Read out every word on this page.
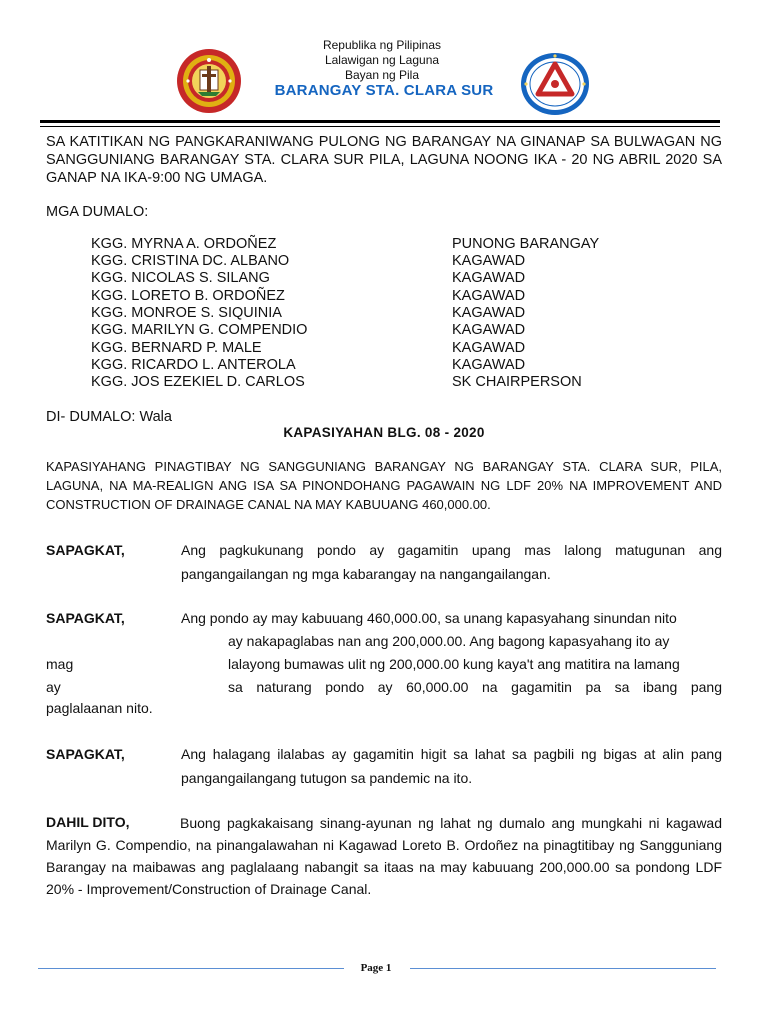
Republika ng Pilipinas
Lalawigan ng Laguna
Bayan ng Pila
BARANGAY STA. CLARA SUR
SA KATITIKAN NG PANGKARANIWANG PULONG NG BARANGAY NA GINANAP SA BULWAGAN NG SANGGUNIANG BARANGAY STA. CLARA SUR PILA, LAGUNA NOONG IKA - 20 NG ABRIL 2020 SA GANAP NA IKA-9:00 NG UMAGA.
MGA DUMALO:
KGG. MYRNA A. ORDOÑEZ	PUNONG BARANGAY
KGG. CRISTINA DC. ALBANO	KAGAWAD
KGG. NICOLAS S. SILANG	KAGAWAD
KGG. LORETO B. ORDOÑEZ	KAGAWAD
KGG. MONROE S. SIQUINIA	KAGAWAD
KGG. MARILYN G. COMPENDIO	KAGAWAD
KGG. BERNARD P. MALE	KAGAWAD
KGG. RICARDO L. ANTEROLA	KAGAWAD
KGG. JOS EZEKIEL D. CARLOS	SK CHAIRPERSON
DI- DUMALO: Wala
KAPASIYAHAN BLG. 08 - 2020
KAPASIYAHANG PINAGTIBAY NG SANGGUNIANG BARANGAY NG BARANGAY STA. CLARA SUR, PILA, LAGUNA, NA MA-REALIGN ANG ISA SA PINONDOHANG PAGAWAIN NG LDF 20% NA IMPROVEMENT AND CONSTRUCTION OF DRAINAGE CANAL NA MAY KABUUANG 460,000.00.
SAPAGKAT,	Ang pagkukunang pondo ay gagamitin upang mas lalong matugunan ang pangangailangan ng mga kabarangay na nangangailangan.
SAPAGKAT,	Ang pondo ay may kabuuang 460,000.00, sa unang kapasyahang sinundan nito
ay nakapaglabas nan ang 200,000.00. Ang bagong kapasyahang ito ay
mag	lalayong bumawas ulit ng 200,000.00 kung kaya't ang matitira na lamang
ay	sa naturang pondo ay 60,000.00 na gagamitin pa sa ibang pang
paglalaanan nito.
SAPAGKAT,	Ang halagang ilalabas ay gagamitin higit sa lahat sa pagbili ng bigas at alin pang pangangailangang tutugon sa pandemic na ito.
Buong pagkakaisang sinang-ayunan ng lahat ng dumalo ang mungkahi ni kagawad Marilyn G. Compendio, na pinangalawahan ni Kagawad Loreto B. Ordoñez na pinagtitibay ng Sangguniang Barangay na maibawas ang paglalaang nabangit sa itaas na may kabuuang 200,000.00 sa pondong LDF 20% - Improvement/Construction of Drainage Canal.
DAHIL DITO,
Page 1
